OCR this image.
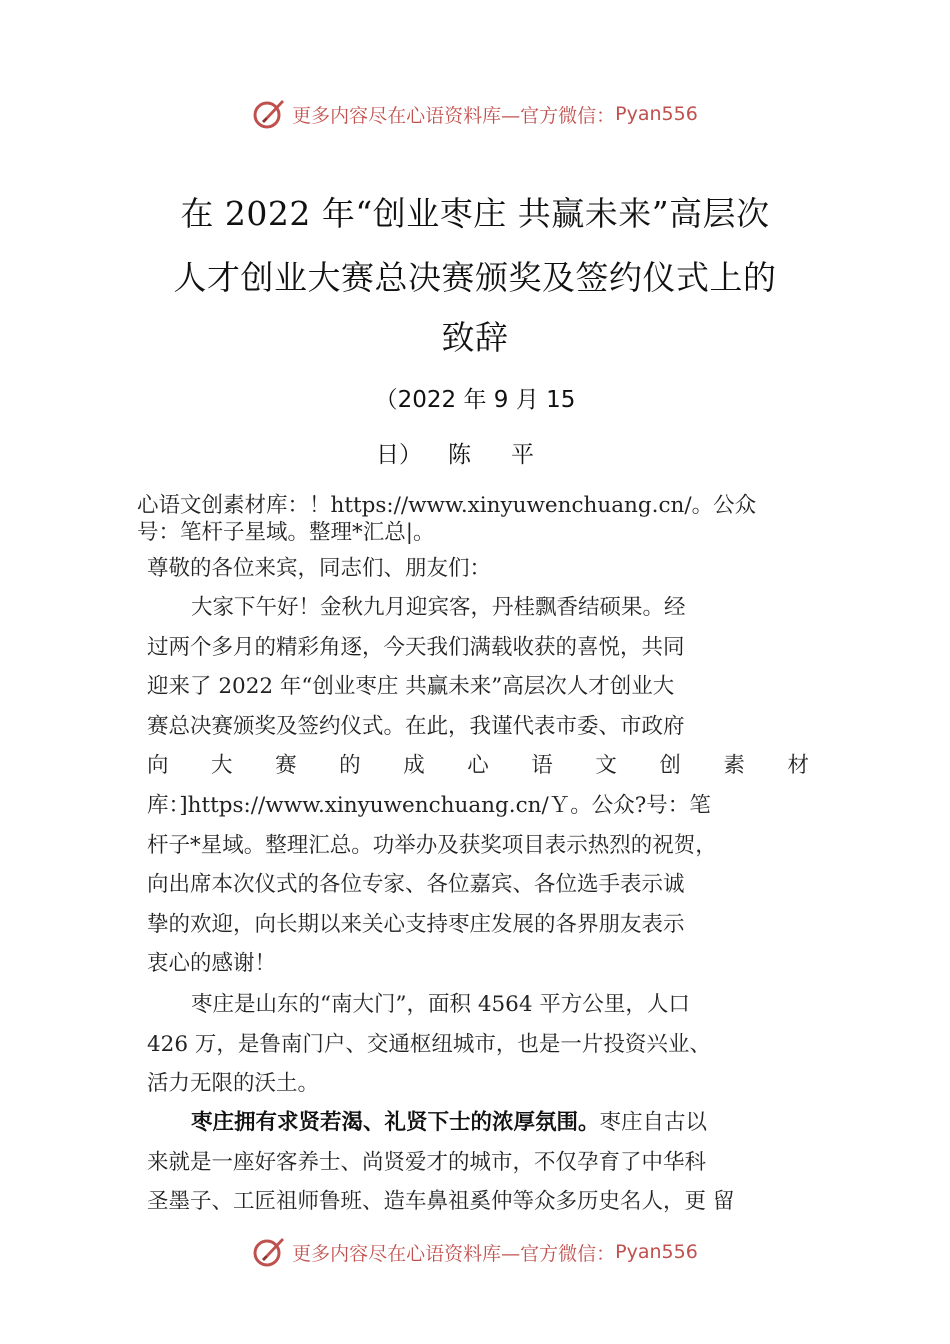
更多内容尽在心语资料库—官方微信： Pyan556
在 2022 年“创业枣庄 共赢未来”高层次
人才创业大赛总决赛颁奖及签约仪式上的
致辞
（2022 年 9 月 15
日） 陈平
心语文创素材库：！https://www.xinyuwenchuang.cn/。公众
号：笔杆子星域。整理*汇总|。
尊敬的各位来宾，同志们、朋友们：
大家下午好！金秋九月迎宾客，丹桂飘香结硕果。经
过两个多月的精彩角逐，今天我们满载收获的喜悦，共同
迎来了 2022 年“创业枣庄 共赢未来”高层次人才创业大
赛总决赛颁奖及签约仪式。在此，我谨代表市委、市政府
向 大 赛 的 成 心 语 文 创 素 材
库：]https://www.xinyuwenchuang.cn/Ｙ。公众?号：笔
杆子*星域。整理汇总。功举办及获奖项目表示热烈的祝贺，
向出席本次仪式的各位专家、各位嘉宾、各位选手表示诚
挚的欢迎，向长期以来关心支持枣庄发展的各界朋友表示
衷心的感谢！
枣庄是山东的“南大门”，面积 4564 平方公里，人口
426 万，是鲁南门户、交通枢纽城市，也是一片投资兴业、
活力无限的沃土。
枣庄拥有求贤若渴、礼贤下士的浓厚氛围。枣庄自古以
来就是一座好客养士、尚贤爱才的城市，不仅孕育了中华科
圣墨子、工匠祖师鲁班、造车鼻祖奚仲等众多历史名人，更 留
更多内容尽在心语资料库—官方微信： Pyan556
